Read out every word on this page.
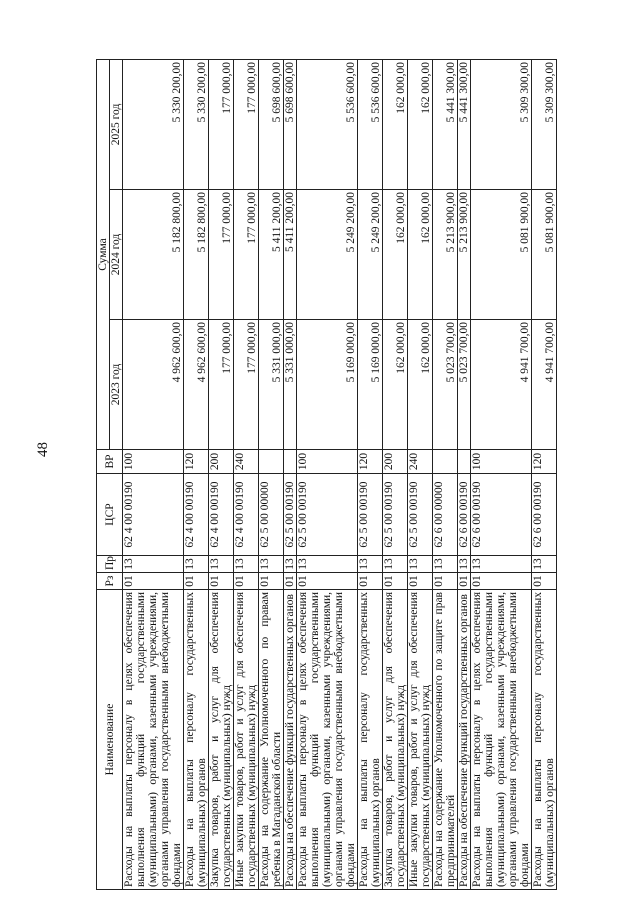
48
Наименование	Рз	Пр	ЦСР	ВР	Сумма		
					2023 год	2024 год	2025 год
Расходы на выплаты персоналу в целях обеспечения выполнения функций государственными (муниципальными) органами, казенными учреждениями, органами управления государственными внебюджетными фондами	01	13	62 4 00 00190	100	4 962 600,00	5 182 800,00	5 330 200,00
Расходы на выплаты персоналу государственных (муниципальных) органов	01	13	62 4 00 00190	120	4 962 600,00	5 182 800,00	5 330 200,00
Закупка товаров, работ и услуг для обеспечения государственных (муниципальных) нужд	01	13	62 4 00 00190	200	177 000,00	177 000,00	177 000,00
Иные закупки товаров, работ и услуг для обеспечения государственных (муниципальных) нужд	01	13	62 4 00 00190	240	177 000,00	177 000,00	177 000,00
Расходы на содержание Уполномоченного по правам ребенка в Магаданской области	01	13	62 5 00 00000		5 331 000,00	5 411 200,00	5 698 600,00
Расходы на обеспечение функций государственных органов	01	13	62 5 00 00190		5 331 000,00	5 411 200,00	5 698 600,00
Расходы на выплаты персоналу в целях обеспечения выполнения функций государственными (муниципальными) органами, казенными учреждениями, органами управления государственными внебюджетными фондами	01	13	62 5 00 00190	100	5 169 000,00	5 249 200,00	5 536 600,00
Расходы на выплаты персоналу государственных (муниципальных) органов	01	13	62 5 00 00190	120	5 169 000,00	5 249 200,00	5 536 600,00
Закупка товаров, работ и услуг для обеспечения государственных (муниципальных) нужд	01	13	62 5 00 00190	200	162 000,00	162 000,00	162 000,00
Иные закупки товаров, работ и услуг для обеспечения государственных (муниципальных) нужд	01	13	62 5 00 00190	240	162 000,00	162 000,00	162 000,00
Расходы на содержание Уполномоченного по защите прав предпринимателей	01	13	62 6 00 00000		5 023 700,00	5 213 900,00	5 441 300,00
Расходы на обеспечение функций государственных органов	01	13	62 6 00 00190		5 023 700,00	5 213 900,00	5 441 300,00
Расходы на выплаты персоналу в целях обеспечения выполнения функций государственными (муниципальными) органами, казенными учреждениями, органами управления государственными внебюджетными фондами	01	13	62 6 00 00190	100	4 941 700,00	5 081 900,00	5 309 300,00
Расходы на выплаты персоналу государственных (муниципальных) органов	01	13	62 6 00 00190	120	4 941 700,00	5 081 900,00	5 309 300,00
